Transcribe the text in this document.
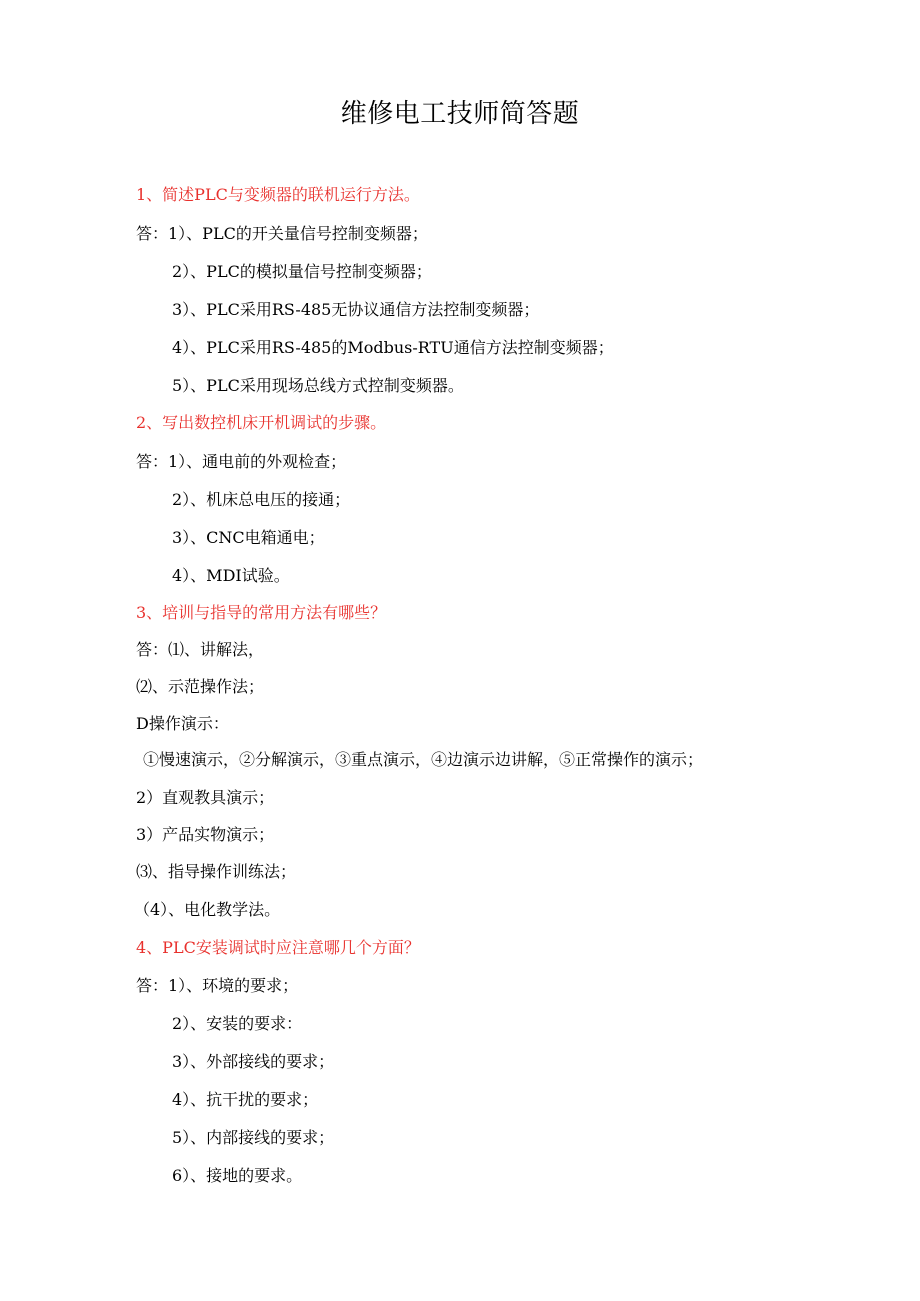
维修电工技师简答题
1、简述PLC与变频器的联机运行方法。
答：1）、PLC的开关量信号控制变频器；
2）、PLC的模拟量信号控制变频器；
3）、PLC采用RS-485无协议通信方法控制变频器；
4）、PLC采用RS-485的Modbus-RTU通信方法控制变频器；
5）、PLC采用现场总线方式控制变频器。
2、写出数控机床开机调试的步骤。
答：1）、通电前的外观检查；
2）、机床总电压的接通；
3）、CNC电箱通电；
4）、MDI试验。
3、培训与指导的常用方法有哪些？
答：⑴、讲解法，
⑵、示范操作法；
D操作演示：
①慢速演示，②分解演示，③重点演示，④边演示边讲解，⑤正常操作的演示；
2）直观教具演示；
3）产品实物演示；
⑶、指导操作训练法；
（4）、电化教学法。
4、PLC安装调试时应注意哪几个方面？
答：1）、环境的要求；
2）、安装的要求：
3）、外部接线的要求；
4）、抗干扰的要求；
5）、内部接线的要求；
6）、接地的要求。
